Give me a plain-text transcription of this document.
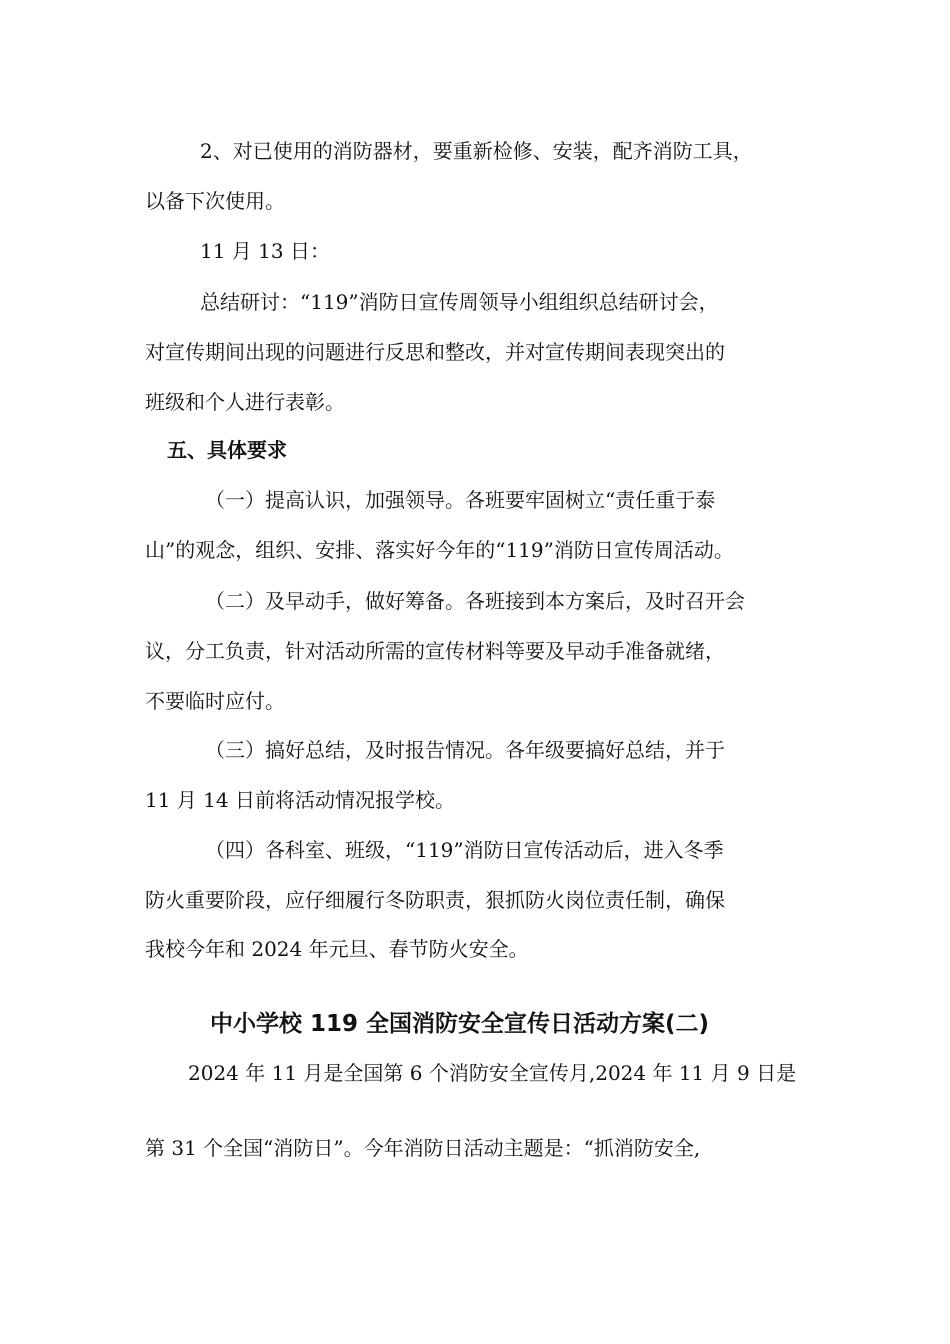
2、对已使用的消防器材，要重新检修、安装，配齐消防工具，
以备下次使用。
11 月 13 日：
总结研讨：“119”消防日宣传周领导小组组织总结研讨会，
对宣传期间出现的问题进行反思和整改，并对宣传期间表现突出的
班级和个人进行表彰。
五、具体要求
（一）提高认识，加强领导。各班要牢固树立“责任重于泰
山”的观念，组织、安排、落实好今年的“119”消防日宣传周活动。
（二）及早动手，做好筹备。各班接到本方案后，及时召开会
议，分工负责，针对活动所需的宣传材料等要及早动手准备就绪，
不要临时应付。
（三）搞好总结，及时报告情况。各年级要搞好总结，并于
11 月 14 日前将活动情况报学校。
（四）各科室、班级，“119”消防日宣传活动后，进入冬季
防火重要阶段，应仔细履行冬防职责，狠抓防火岗位责任制，确保
我校今年和 2024 年元旦、春节防火安全。
中小学校 119 全国消防安全宣传日活动方案(二)
2024 年 11 月是全国第 6 个消防安全宣传月,2024 年 11 月 9 日是
第 31 个全国“消防日”。今年消防日活动主题是：“抓消防安全,
